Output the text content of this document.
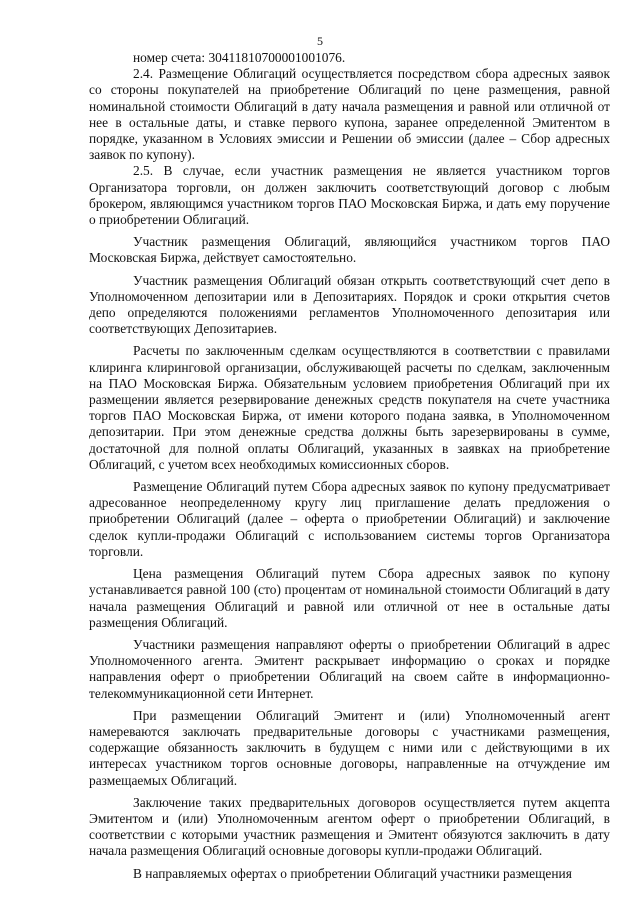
5

номер счета: 30411810700001001076.

2.4. Размещение Облигаций осуществляется посредством сбора адресных заявок со стороны покупателей на приобретение Облигаций по цене размещения, равной номинальной стоимости Облигаций в дату начала размещения и равной или отличной от нее в остальные даты, и ставке первого купона, заранее определенной Эмитентом в порядке, указанном в Условиях эмиссии и Решении об эмиссии (далее – Сбор адресных заявок по купону).

2.5. В случае, если участник размещения не является участником торгов Организатора торговли, он должен заключить соответствующий договор с любым брокером, являющимся участником торгов ПАО Московская Биржа, и дать ему поручение о приобретении Облигаций.

Участник размещения Облигаций, являющийся участником торгов ПАО Московская Биржа, действует самостоятельно.

Участник размещения Облигаций обязан открыть соответствующий счет депо в Уполномоченном депозитарии или в Депозитариях. Порядок и сроки открытия счетов депо определяются положениями регламентов Уполномоченного депозитария или соответствующих Депозитариев.

Расчеты по заключенным сделкам осуществляются в соответствии с правилами клиринга клиринговой организации, обслуживающей расчеты по сделкам, заключенным на ПАО Московская Биржа. Обязательным условием приобретения Облигаций при их размещении является резервирование денежных средств покупателя на счете участника торгов ПАО Московская Биржа, от имени которого подана заявка, в Уполномоченном депозитарии. При этом денежные средства должны быть зарезервированы в сумме, достаточной для полной оплаты Облигаций, указанных в заявках на приобретение Облигаций, с учетом всех необходимых комиссионных сборов.

Размещение Облигаций путем Сбора адресных заявок по купону предусматривает адресованное неопределенному кругу лиц приглашение делать предложения о приобретении Облигаций (далее – оферта о приобретении Облигаций) и заключение сделок купли-продажи Облигаций с использованием системы торгов Организатора торговли.

Цена размещения Облигаций путем Сбора адресных заявок по купону устанавливается равной 100 (сто) процентам от номинальной стоимости Облигаций в дату начала размещения Облигаций и равной или отличной от нее в остальные даты размещения Облигаций.

Участники размещения направляют оферты о приобретении Облигаций в адрес Уполномоченного агента. Эмитент раскрывает информацию о сроках и порядке направления оферт о приобретении Облигаций на своем сайте в информационно-телекоммуникационной сети Интернет.

При размещении Облигаций Эмитент и (или) Уполномоченный агент намереваются заключать предварительные договоры с участниками размещения, содержащие обязанность заключить в будущем с ними или с действующими в их интересах участником торгов основные договоры, направленные на отчуждение им размещаемых Облигаций.

Заключение таких предварительных договоров осуществляется путем акцепта Эмитентом и (или) Уполномоченным агентом оферт о приобретении Облигаций, в соответствии с которыми участник размещения и Эмитент обязуются заключить в дату начала размещения Облигаций основные договоры купли-продажи Облигаций.

В направляемых офертах о приобретении Облигаций участники размещения
